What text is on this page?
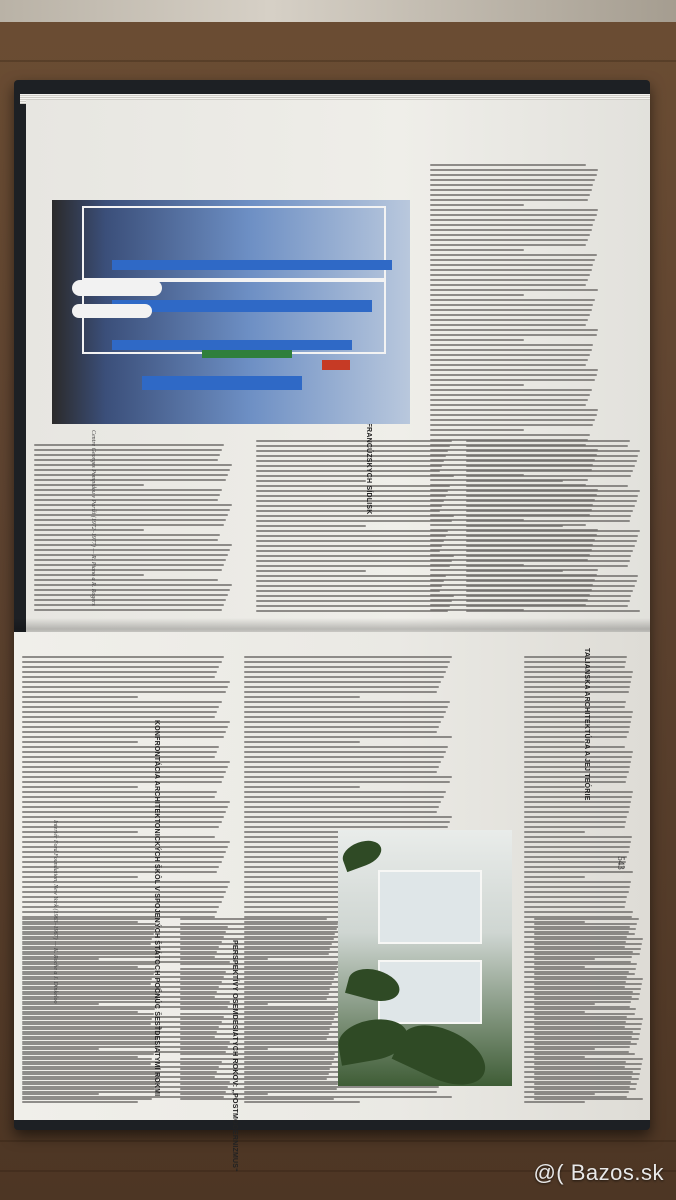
Centre Georges Pompidou v Paríži (1972–1977) — R. Piano a R. Rogers
TALIANSKA ARCHITEKTÚRA A JEJ TEÓRIE
KONFRONTÁCIA ARCHITEKTONICKÝCH ŠKÔL V SPOJENÝCH ŠTÁTOCH POČNÚC ŠESŤDESIATYMI ROKMI	PERSPEKTÍVY OSEMDESIATYCH ROKOV: „POSTMODERNIZMUS“
543
Interiér Ford Foundation, New York (1963–1967) — K. Roche a J. Dinkeloo
@( Bazos.sk
